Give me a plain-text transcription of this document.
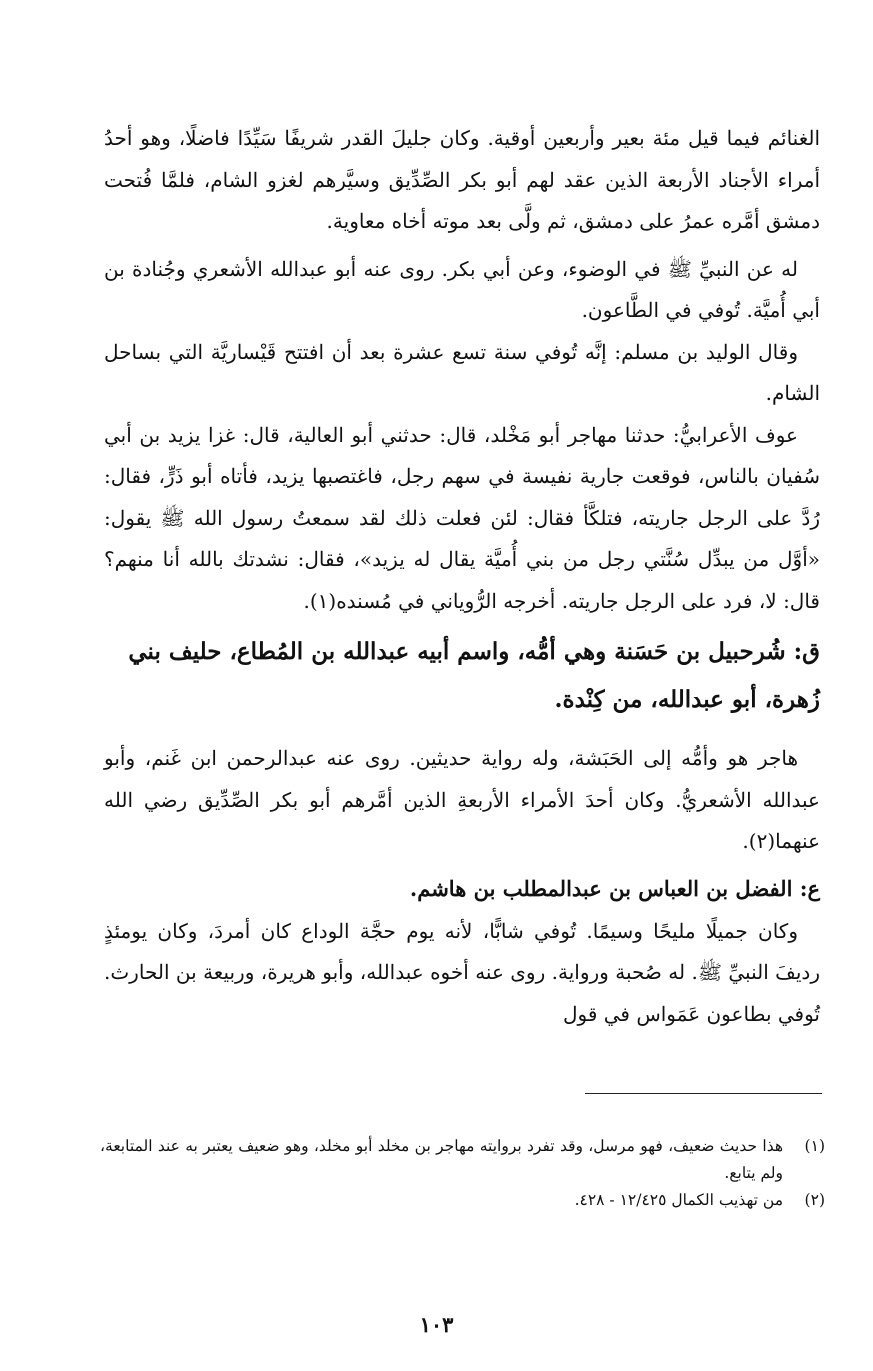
الغنائم فيما قيل مئة بعير وأربعين أوقية. وكان جليلَ القدر شريفًا سَيِّدًا فاضلًا، وهو أحدُ أمراء الأجناد الأربعة الذين عقد لهم أبو بكر الصِّدِّيق وسيَّرهم لغزو الشام، فلمَّا فُتحت دمشق أمَّره عمرُ على دمشق، ثم ولَّى بعد موته أخاه معاوية.

له عن النبيِّ ﷺ في الوضوء، وعن أبي بكر. روى عنه أبو عبدالله الأشعري وجُنادة بن أبي أُميَّة. تُوفي في الطَّاعون.

وقال الوليد بن مسلم: إنَّه تُوفي سنة تسع عشرة بعد أن افتتح قَيْساريَّة التي بساحل الشام.

عوف الأعرابيُّ: حدثنا مهاجر أبو مَخْلد، قال: حدثني أبو العالية، قال: غزا يزيد بن أبي سُفيان بالناس، فوقعت جارية نفيسة في سهم رجل، فاغتصبها يزيد، فأتاه أبو ذَرٍّ، فقال: رُدَّ على الرجل جاريته، فتلكَّأ فقال: لئن فعلت ذلك لقد سمعتُ رسول الله ﷺ يقول: «أوَّل من يبدِّل سُنَّتي رجل من بني أُميَّة يقال له يزيد»، فقال: نشدتك بالله أنا منهم؟ قال: لا، فرد على الرجل جاريته. أخرجه الرُّوياني في مُسنده(١).

ق: شُرحبيل بن حَسَنة وهي أمُّه، واسم أبيه عبدالله بن المُطاع، حليف بني زُهرة، أبو عبدالله، من كِنْدة.

هاجر هو وأمُّه إلى الحَبَشة، وله رواية حديثين. روى عنه عبدالرحمن ابن غَنم، وأبو عبدالله الأشعريُّ. وكان أحدَ الأمراء الأربعةِ الذين أمَّرهم أبو بكر الصِّدِّيق رضي الله عنهما(٢).

ع: الفضل بن العباس بن عبدالمطلب بن هاشم.

وكان جميلًا مليحًا وسيمًا. تُوفي شابًّا، لأنه يوم حجَّة الوداع كان أمردَ، وكان يومئذٍ رديفَ النبيِّ ﷺ. له صُحبة ورواية. روى عنه أخوه عبدالله، وأبو هريرة، وربيعة بن الحارث. تُوفي بطاعون عَمَواس في قول

(١)
هذا حديث ضعيف، فهو مرسل، وقد تفرد بروايته مهاجر بن مخلد أبو مخلد، وهو ضعيف يعتبر به عند المتابعة، ولم يتابع.
(٢)
من تهذيب الكمال ١٢/٤٢٥ - ٤٢٨.
١٠٣
